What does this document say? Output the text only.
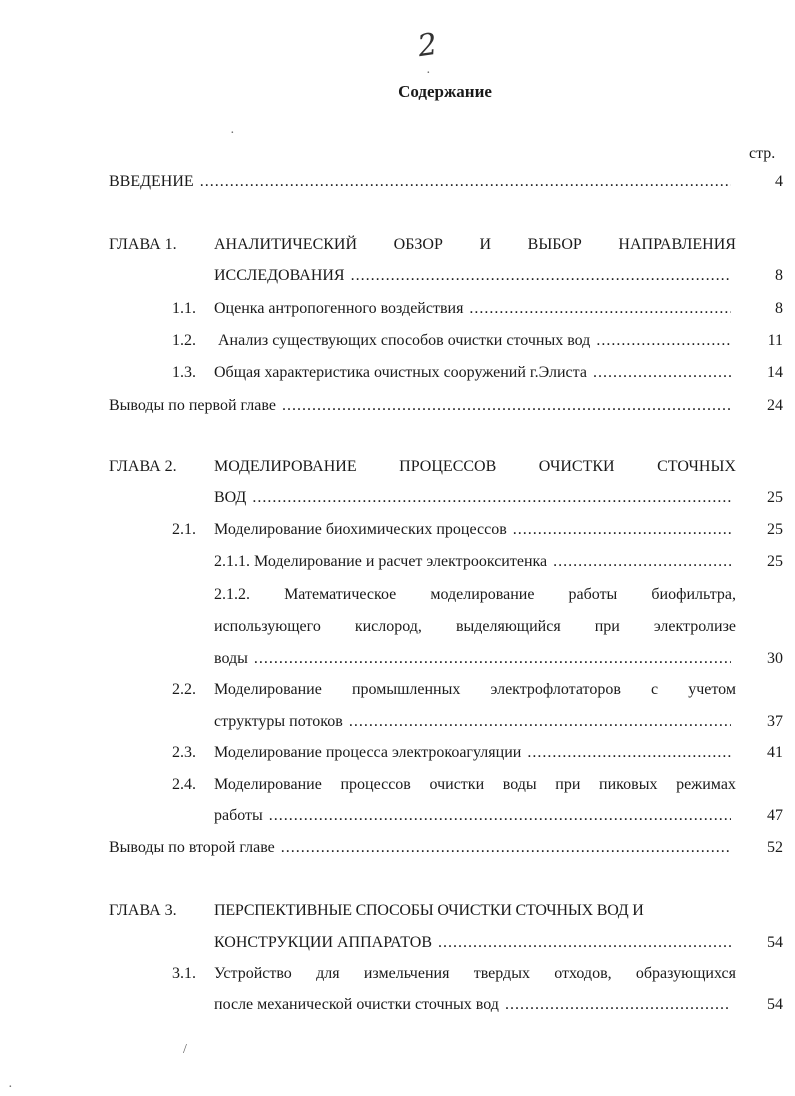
2
Содержание
стр.
ВВЕДЕНИЕ .....	4
ГЛАВА 1. АНАЛИТИЧЕСКИЙ ОБЗОР И ВЫБОР НАПРАВЛЕНИЯ
ИССЛЕДОВАНИЯ .....	8
1.1. Оценка антропогенного воздействия .....	8
1.2. Анализ существующих способов очистки сточных вод .....	11
1.3. Общая характеристика очистных сооружений г.Элиста .....	14
Выводы по первой главе .....	24
ГЛАВА 2. МОДЕЛИРОВАНИЕ	ПРОЦЕССОВ	ОЧИСТКИ	СТОЧНЫХ
ВОД .....	25
2.1. Моделирование биохимических процессов .....	25
2.1.1. Моделирование и расчет электроокситенка .....	25
2.1.2. Математическое моделирование работы биофильтра,
использующего кислород, выделяющийся при электролизе
воды .....	30
2.2. Моделирование промышленных электрофлотаторов с учетом
структуры потоков .....	37
2.3. Моделирование процесса электрокоагуляции .....	41
2.4. Моделирование процессов очистки воды при пиковых режимах
работы .....	47
Выводы по второй главе .....	52
ГЛАВА 3. ПЕРСПЕКТИВНЫЕ СПОСОБЫ ОЧИСТКИ СТОЧНЫХ ВОД И
КОНСТРУКЦИИ АППАРАТОВ .....	54
3.1. Устройство для измельчения твердых отходов, образующихся
после механической очистки сточных вод .....	54
·
·
/
·
